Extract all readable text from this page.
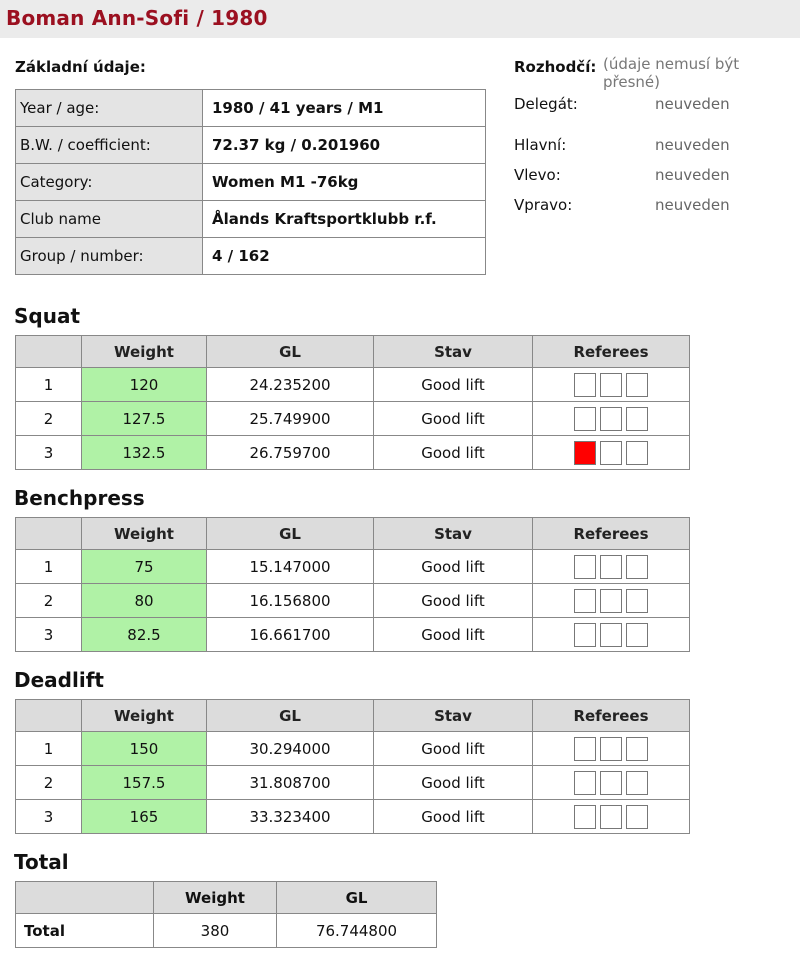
Boman Ann-Sofi / 1980
Základní údaje:
Year / age:	1980 / 41 years / M1
B.W. / coefficient:	72.37 kg / 0.201960
Category:	Women M1 -76kg
Club name	Ålands Kraftsportklubb r.f.
Group / number:	4 / 162
Rozhodčí: (údaje nemusí být přesné)
Delegát:	neuveden
Hlavní:	neuveden
Vlevo:	neuveden
Vpravo:	neuveden
Squat
	Weight	GL	Stav	Referees
1	120	24.235200	Good lift	
2	127.5	25.749900	Good lift	
3	132.5	26.759700	Good lift	
Benchpress
	Weight	GL	Stav	Referees
1	75	15.147000	Good lift	
2	80	16.156800	Good lift	
3	82.5	16.661700	Good lift	
Deadlift
	Weight	GL	Stav	Referees
1	150	30.294000	Good lift	
2	157.5	31.808700	Good lift	
3	165	33.323400	Good lift	
Total
	Weight	GL
Total	380	76.744800
